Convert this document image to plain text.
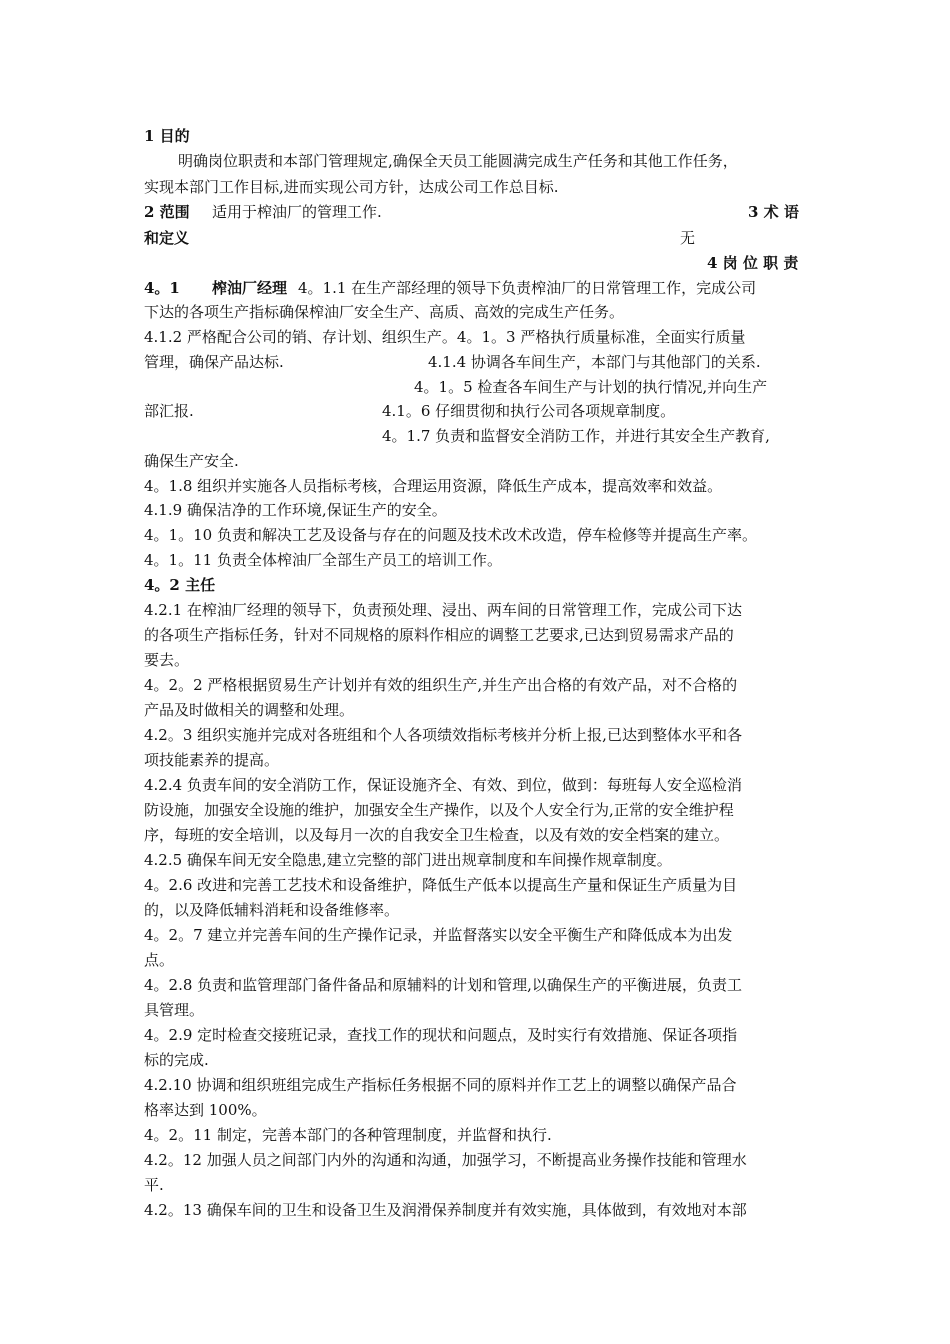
1 目的
明确岗位职责和本部门管理规定,确保全天员工能圆满完成生产任务和其他工作任务，
实现本部门工作目标,进而实现公司方针，达成公司工作总目标.
2 范围 适用于榨油厂的管理工作.	3 术 语
和定义	无
4 岗 位 职 责
4。1 榨油厂经理 4。1.1 在生产部经理的领导下负责榨油厂的日常管理工作，完成公司
下达的各项生产指标确保榨油厂安全生产、高质、高效的完成生产任务。
4.1.2 严格配合公司的销、存计划、组织生产。4。1。3 严格执行质量标准，全面实行质量
管理，确保产品达标.	4.1.4 协调各车间生产，本部门与其他部门的关系.
4。1。5 检查各车间生产与计划的执行情况,并向生产
部汇报.	4.1。6 仔细贯彻和执行公司各项规章制度。
4。1.7 负责和监督安全消防工作，并进行其安全生产教育,
确保生产安全.
4。1.8 组织并实施各人员指标考核，合理运用资源，降低生产成本，提高效率和效益。
4.1.9 确保洁净的工作环境,保证生产的安全。
4。1。10 负责和解决工艺及设备与存在的问题及技术改术改造，停车检修等并提高生产率。
4。1。11 负责全体榨油厂全部生产员工的培训工作。
4。2 主任
4.2.1 在榨油厂经理的领导下，负责预处理、浸出、两车间的日常管理工作，完成公司下达
的各项生产指标任务，针对不同规格的原料作相应的调整工艺要求,已达到贸易需求产品的
要去。
4。2。2 严格根据贸易生产计划并有效的组织生产,并生产出合格的有效产品，对不合格的
产品及时做相关的调整和处理。
4.2。3 组织实施并完成对各班组和个人各项绩效指标考核并分析上报,已达到整体水平和各
项技能素养的提高。
4.2.4 负责车间的安全消防工作，保证设施齐全、有效、到位，做到：每班每人安全巡检消
防设施，加强安全设施的维护，加强安全生产操作，以及个人安全行为,正常的安全维护程
序，每班的安全培训，以及每月一次的自我安全卫生检查，以及有效的安全档案的建立。
4.2.5 确保车间无安全隐患,建立完整的部门进出规章制度和车间操作规章制度。
4。2.6 改进和完善工艺技术和设备维护，降低生产低本以提高生产量和保证生产质量为目
的，以及降低辅料消耗和设备维修率。
4。2。7 建立并完善车间的生产操作记录，并监督落实以安全平衡生产和降低成本为出发
点。
4。2.8 负责和监管理部门备件备品和原辅料的计划和管理,以确保生产的平衡进展，负责工
具管理。
4。2.9 定时检查交接班记录，查找工作的现状和问题点，及时实行有效措施、保证各项指
标的完成.
4.2.10 协调和组织班组完成生产指标任务根据不同的原料并作工艺上的调整以确保产品合
格率达到 100%。
4。2。11 制定，完善本部门的各种管理制度，并监督和执行.
4.2。12 加强人员之间部门内外的沟通和沟通，加强学习，不断提高业务操作技能和管理水
平.
4.2。13 确保车间的卫生和设备卫生及润滑保养制度并有效实施，具体做到，有效地对本部
